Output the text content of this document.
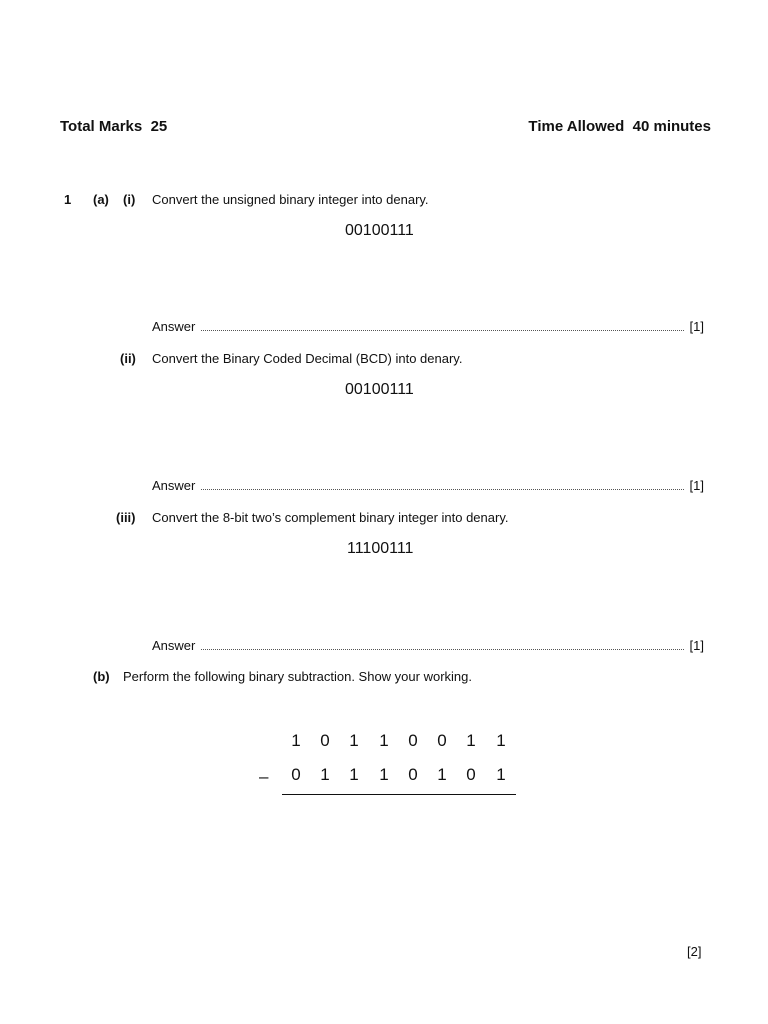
Total Marks 25	Time Allowed 40 minutes
1 (a) (i) Convert the unsigned binary integer into denary.
00100111
Answer	[1]
(ii) Convert the Binary Coded Decimal (BCD) into denary.
00100111
Answer	[1]
(iii) Convert the 8-bit two’s complement binary integer into denary.
11100111
Answer	[1]
(b) Perform the following binary subtraction. Show your working.
1	0	1	1	0	0	1	1
–	0	1	1	1	0	1	0	1
[2]
